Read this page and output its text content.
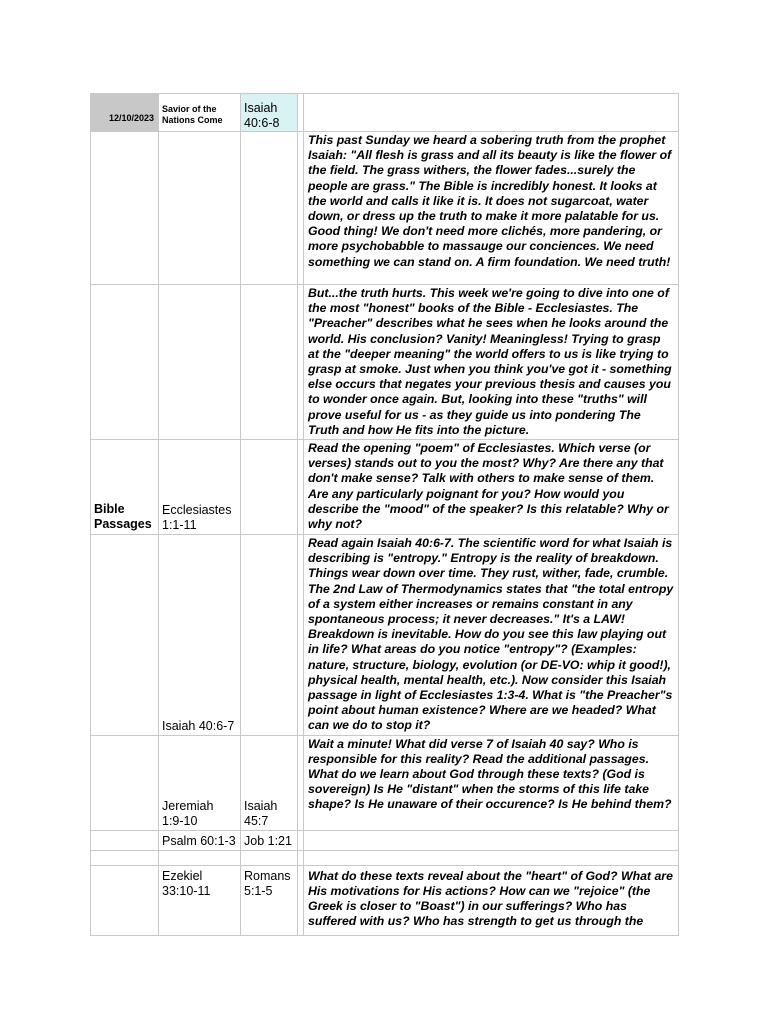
12/10/2023	Savior of the Nations Come	Isaiah 40:6-8		
				This past Sunday we heard a sobering truth from the prophet Isaiah: "All flesh is grass and all its beauty is like the flower of the field. The grass withers, the flower fades...surely the people are grass." The Bible is incredibly honest. It looks at the world and calls it like it is. It does not sugarcoat, water down, or dress up the truth to make it more palatable for us. Good thing! We don't need more clichés, more pandering, or more psychobabble to massauge our conciences. We need something we can stand on. A firm foundation. We need truth!
				But...the truth hurts. This week we're going to dive into one of the most "honest" books of the Bible - Ecclesiastes. The "Preacher" describes what he sees when he looks around the world. His conclusion? Vanity! Meaningless! Trying to grasp at the "deeper meaning" the world offers to us is like trying to grasp at smoke. Just when you think you've got it - something else occurs that negates your previous thesis and causes you to wonder once again. But, looking into these "truths" will prove useful for us - as they guide us into pondering The Truth and how He fits into the picture.
Bible Passages	Ecclesiastes 1:1-11			Read the opening "poem" of Ecclesiastes. Which verse (or verses) stands out to you the most? Why? Are there any that don't make sense? Talk with others to make sense of them. Are any particularly poignant for you? How would you describe the "mood" of the speaker? Is this relatable? Why or why not?
	Isaiah 40:6-7			Read again Isaiah 40:6-7. The scientific word for what Isaiah is describing is "entropy." Entropy is the reality of breakdown. Things wear down over time. They rust, wither, fade, crumble. The 2nd Law of Thermodynamics states that "the total entropy of a system either increases or remains constant in any spontaneous process; it never decreases." It's a LAW! Breakdown is inevitable. How do you see this law playing out in life? What areas do you notice "entropy"? (Examples: nature, structure, biology, evolution (or DE-VO: whip it good!), physical health, mental health, etc.). Now consider this Isaiah passage in light of Ecclesiastes 1:3-4. What is "the Preacher"s point about human existence? Where are we headed? What can we do to stop it?
	Jeremiah 1:9-10	Isaiah 45:7		Wait a minute! What did verse 7 of Isaiah 40 say? Who is responsible for this reality? Read the additional passages. What do we learn about God through these texts? (God is sovereign) Is He "distant" when the storms of this life take shape? Is He unaware of their occurence? Is He behind them?
	Psalm 60:1-3	Job 1:21		

	Ezekiel 33:10-11	Romans 5:1-5		What do these texts reveal about the "heart" of God? What are His motivations for His actions? How can we "rejoice" (the Greek is closer to "Boast") in our sufferings? Who has suffered with us? Who has strength to get us through the
